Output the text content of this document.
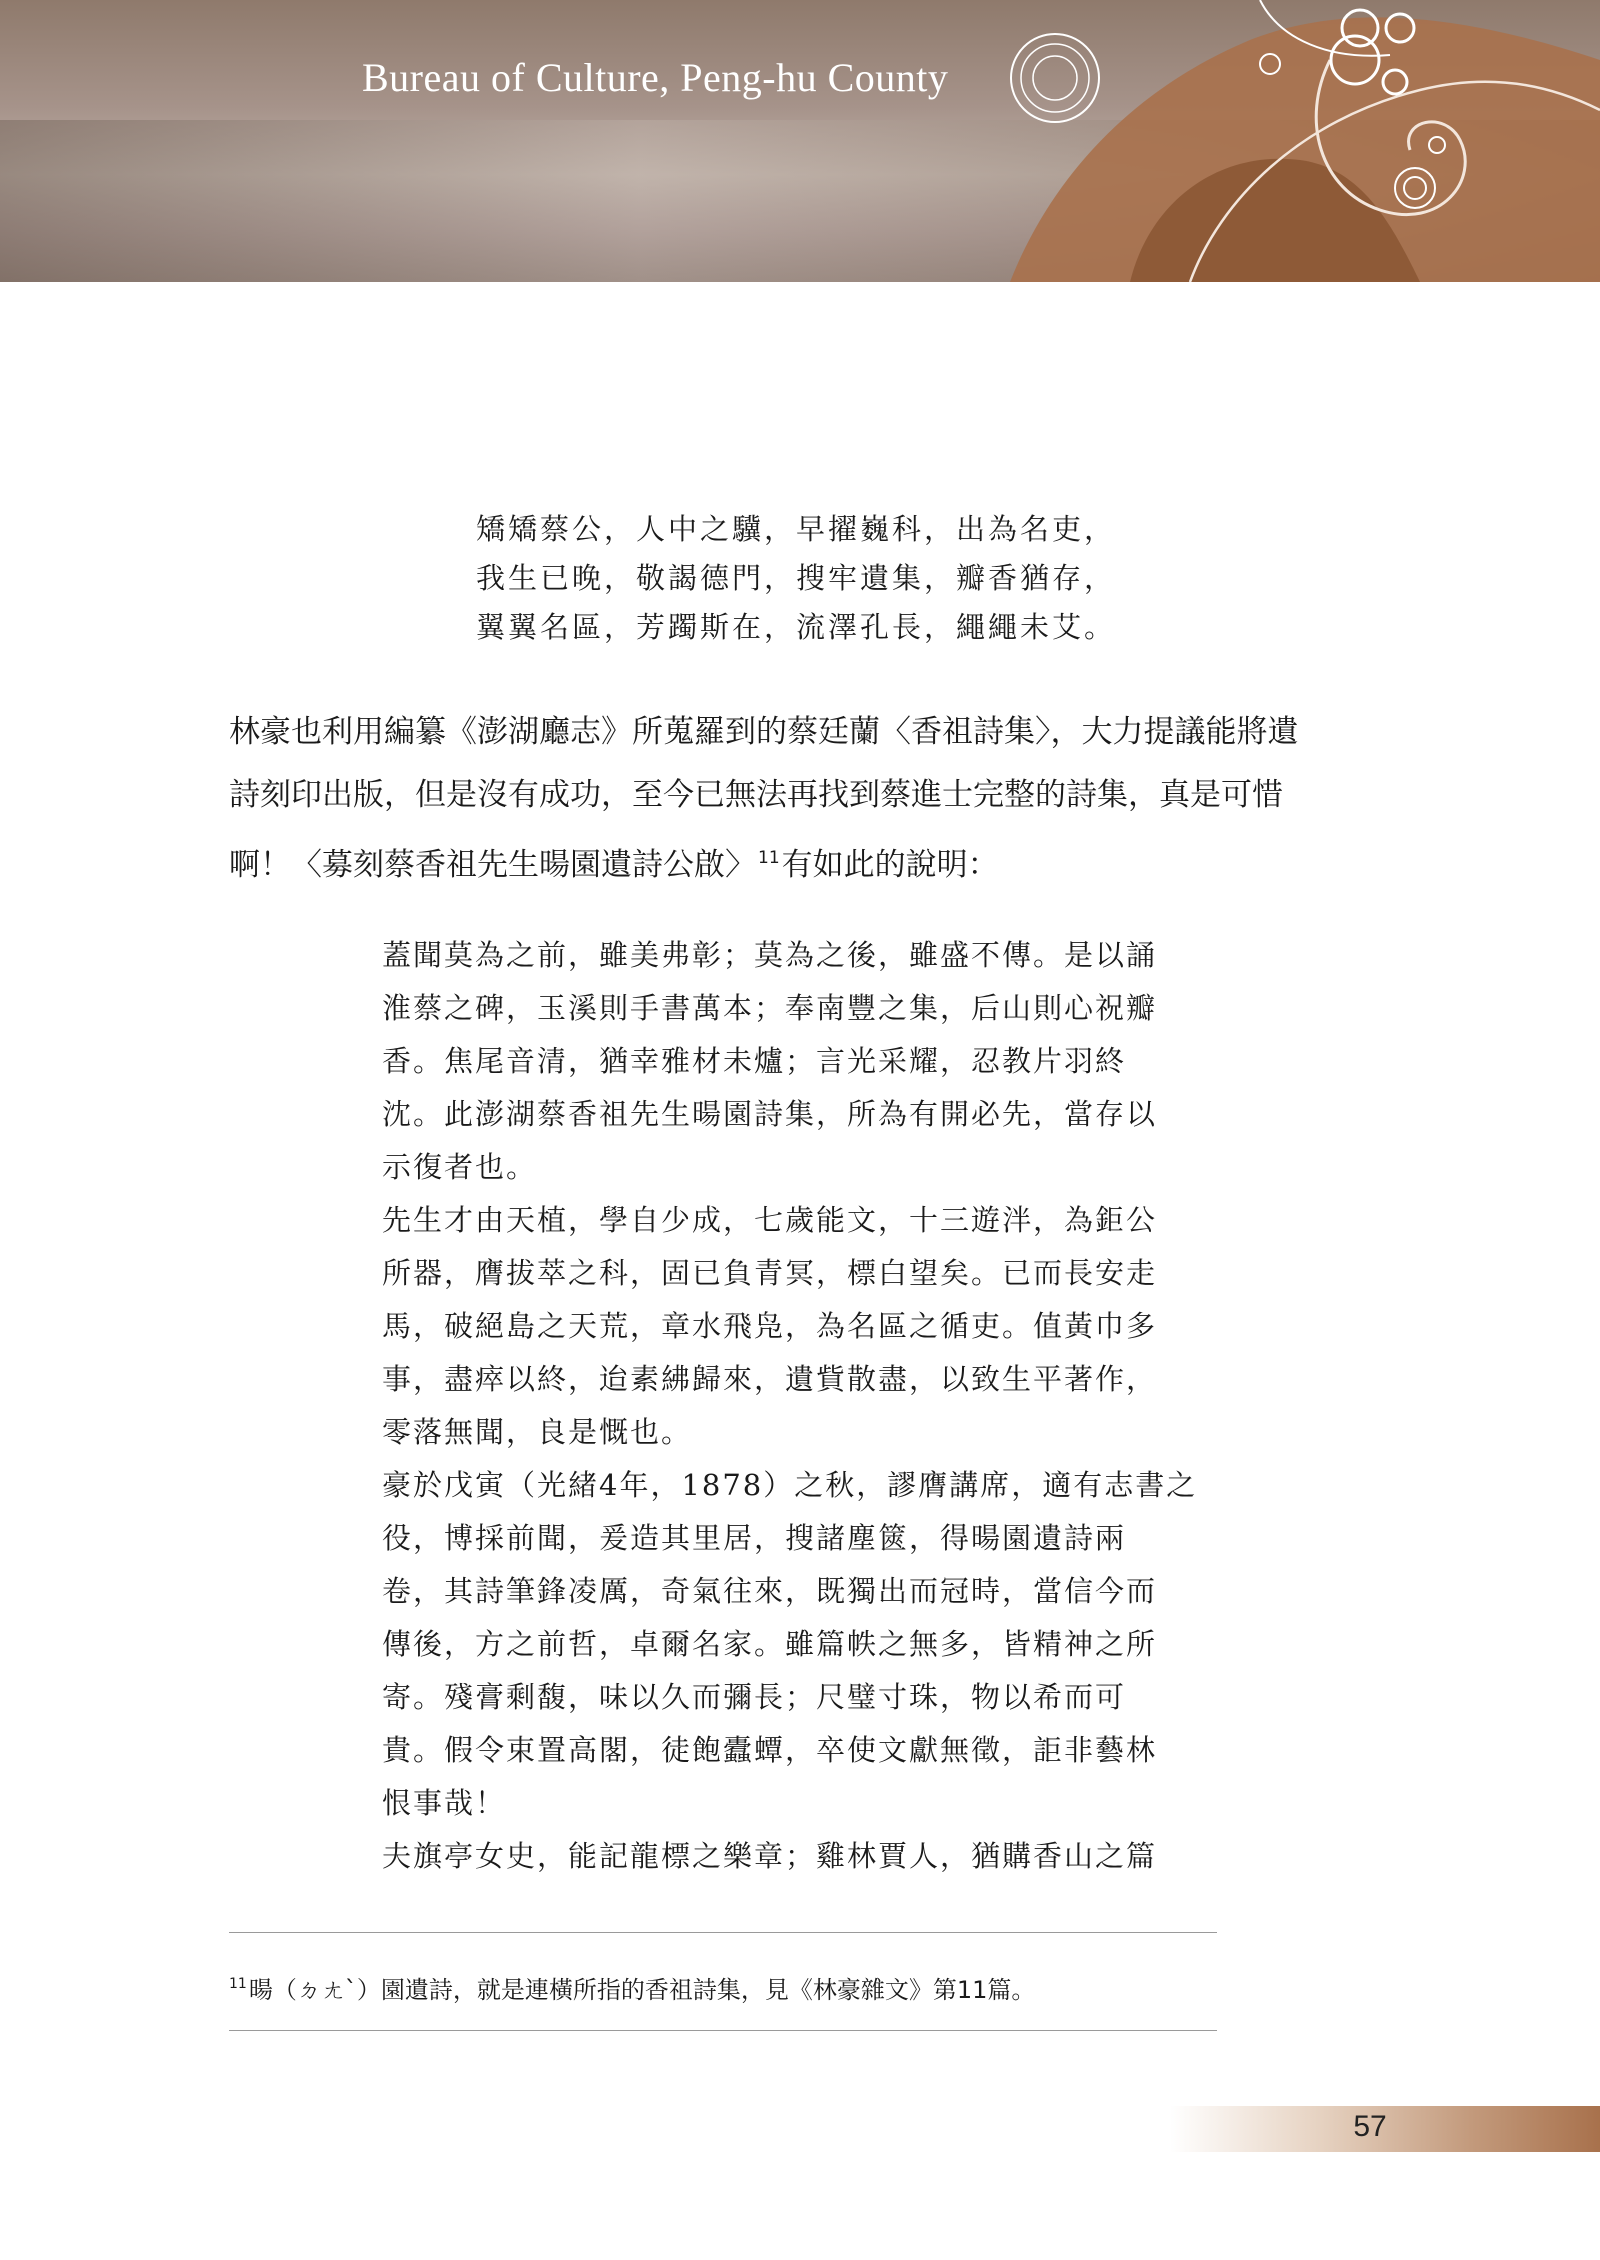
Bureau of Culture, Peng-hu County
矯矯蔡公，人中之驥，早擢巍科，出為名吏，
我生已晚，敬謁德門，搜牢遺集，瓣香猶存，
翼翼名區，芳躅斯在，流澤孔長，繩繩未艾。
林豪也利用編纂《澎湖廳志》所蒐羅到的蔡廷蘭〈香祖詩集〉，大力提議能將遺
詩刻印出版，但是沒有成功，至今已無法再找到蔡進士完整的詩集，真是可惜
啊！〈募刻蔡香祖先生暘園遺詩公啟〉 $^{11}$有如此的說明：
蓋聞莫為之前，雖美弗彰；莫為之後，雖盛不傳。是以誦
淮蔡之碑，玉溪則手書萬本；奉南豐之集，后山則心祝瓣
香。焦尾音清，猶幸雅材未爐；言光采耀，忍教片羽終
沈。此澎湖蔡香祖先生暘園詩集，所為有開必先，當存以
示復者也。
先生才由天植，學自少成，七歲能文，十三遊泮，為鉅公
所器，膺拔萃之科，固已負青冥，標白望矣。已而長安走
馬，破絕島之天荒，章水飛凫，為名區之循吏。值黃巾多
事，盡瘁以終，迨素紼歸來，遺貲散盡，以致生平著作，
零落無聞，良是慨也。
豪於戊寅（光緒4年，1878）之秋，謬膺講席，適有志書之
役，博採前聞，爰造其里居，搜諸塵篋，得暘園遺詩兩
卷，其詩筆鋒凌厲，奇氣往來，既獨出而冠時，當信今而
傳後，方之前哲，卓爾名家。雖篇帙之無多，皆精神之所
寄。殘膏剩馥，味以久而彌長；尺璧寸珠，物以希而可
貴。假令束置高閣，徒飽蠹蟫，卒使文獻無徵，詎非藝林
恨事哉！
夫旗亭女史，能記龍標之樂章；雞林賈人，猶購香山之篇
$^{11}$暘（ㄉㄤˋ）園遺詩，就是連橫所指的香祖詩集，見《林豪雜文》第11篇。
57
